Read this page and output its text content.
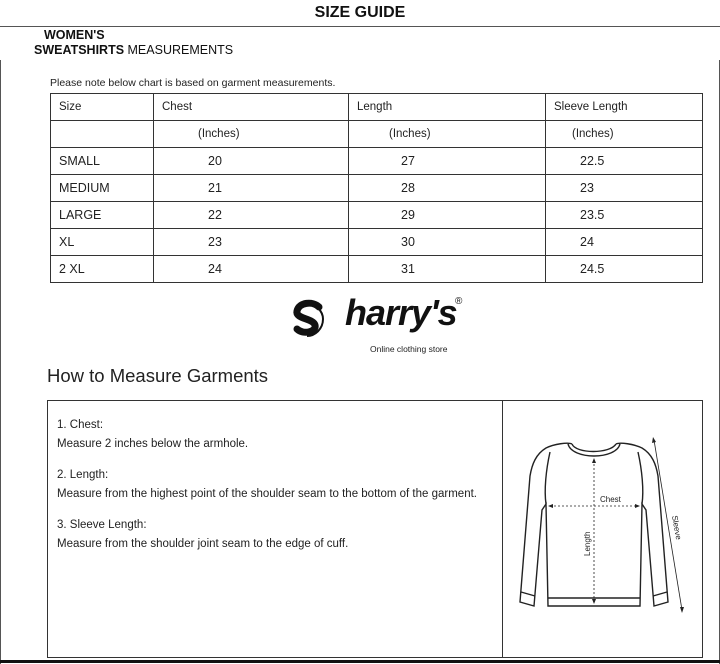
SIZE GUIDE
WOMEN'S
SWEATSHIRTS MEASUREMENTS
Please note below chart is based on garment measurements.
Size	Chest	Length	Sleeve Length
	(Inches)	(Inches)	(Inches)
SMALL	20	27	22.5
MEDIUM	21	28	23
LARGE	22	29	23.5
XL	23	30	24
2 XL	24	31	24.5
harry's
®
Online clothing store
How to Measure Garments
1. Chest:
Measure 2 inches below the armhole.
2. Length:
Measure from the highest point of the shoulder seam to the bottom of the garment.
3. Sleeve Length:
Measure from the shoulder joint seam to the edge of cuff.
Chest
Length
Sleeve
